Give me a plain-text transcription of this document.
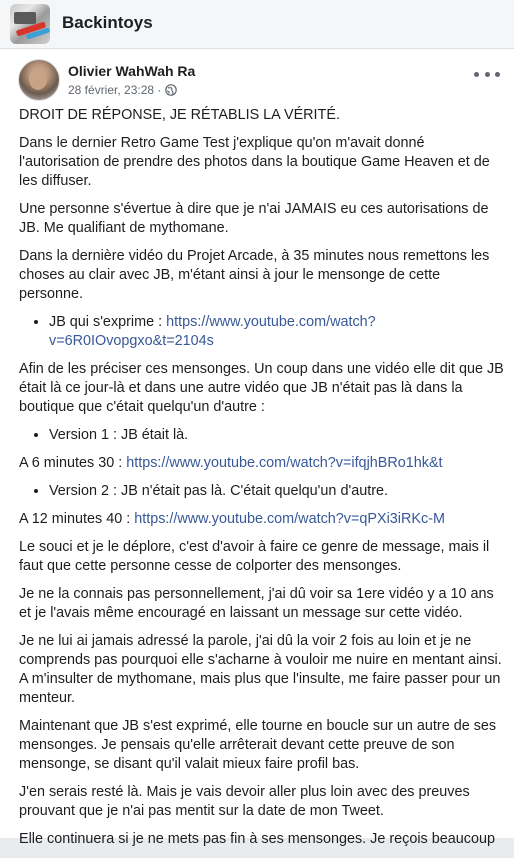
Backintoys
Olivier WahWah Ra
28 février, 23:28 ·

DROIT DE RÉPONSE, JE RÉTABLIS LA VÉRITÉ.

Dans le dernier Retro Game Test j'explique qu'on m'avait donné l'autorisation de prendre des photos dans la boutique Game Heaven et de les diffuser.

Une personne s'évertue à dire que je n'ai JAMAIS eu ces autorisations de JB. Me qualifiant de mythomane.

Dans la dernière vidéo du Projet Arcade, à 35 minutes nous remettons les choses au clair avec JB, m'étant ainsi à jour le mensonge de cette personne.

• JB qui s'exprime : https://www.youtube.com/watch?v=6R0IOvopgxo&t=2104s

Afin de les préciser ces mensonges. Un coup dans une vidéo elle dit que JB était là ce jour-là et dans une autre vidéo que JB n'était pas là dans la boutique que c'était quelqu'un d'autre :

• Version 1 : JB était là.

A 6 minutes 30 : https://www.youtube.com/watch?v=ifqjhBRo1hk&t

• Version 2 : JB n'était pas là. C'était quelqu'un d'autre.

A 12 minutes 40 : https://www.youtube.com/watch?v=qPXi3iRKc-M

Le souci et je le déplore, c'est d'avoir à faire ce genre de message, mais il faut que cette personne cesse de colporter des mensonges.

Je ne la connais pas personnellement, j'ai dû voir sa 1ere vidéo y a 10 ans et je l'avais même encouragé en laissant un message sur cette vidéo.

Je ne lui ai jamais adressé la parole, j'ai dû la voir 2 fois au loin et je ne comprends pas pourquoi elle s'acharne à vouloir me nuire en mentant ainsi. A m'insulter de mythomane, mais plus que l'insulte, me faire passer pour un menteur.

Maintenant que JB s'est exprimé, elle tourne en boucle sur un autre de ses mensonges. Je pensais qu'elle arrêterait devant cette preuve de son mensonge, se disant qu'il valait mieux faire profil bas.

J'en serais resté là. Mais je vais devoir aller plus loin avec des preuves prouvant que je n'ai pas mentit sur la date de mon Tweet.

Elle continuera si je ne mets pas fin à ses mensonges. Je reçois beaucoup
